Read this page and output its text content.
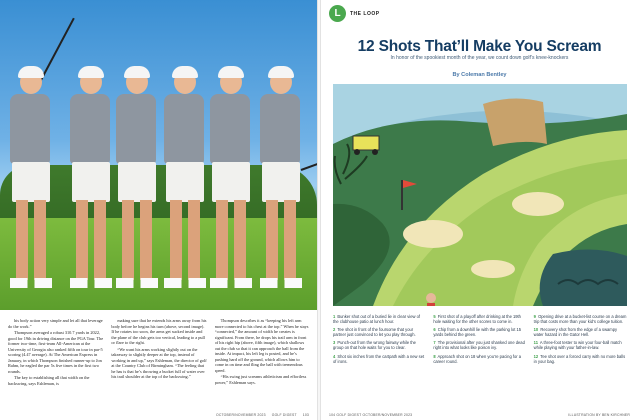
his body action very simple and let all that leverage do the work.”

Thompson averaged a robust 310.7 yards in 2022, good for 19th in driving distance on the PGA Tour. The former two-time, first-team All-American at the University of Georgia also ranked fifth on tour in par-5 scoring (4.47 average). At The American Express in January, in which Thompson finished runner-up to Jon Rahm, he eagled the par 5s five times in the first two rounds.

The key to establishing all that width on the backswing, says Eshleman, is

making sure that he extends his arms away from his body before he begins his turn (above, second image). If he rotates too soon, the arms get sucked inside and the plane of the club gets too vertical, leading to a pull or flare to the right.

“We want his arms working slightly out on the takeaway to slightly deeper at the top, instead of working in and up,” says Eshleman, the director of golf at the Country Club of Birmingham. “The feeling that he has is that he’s throwing a bucket full of water over his trail shoulder at the top of the backswing.”

Thompson describes it as “keeping his left arm more connected to his chest at the top.” When he stays “connected,” the amount of width he creates is significant. From there, he drops his trail arm in front of his right hip (above, fifth image), which shallows out the club so that it can approach the ball from the inside. At impact, his left leg is posted, and he’s pushing hard off the ground, which allows him to come in on time and fling the ball with tremendous speed.

“His swing just screams athleticism and effortless power,” Eshleman says.

OCTOBER/NOVEMBER 2023 GOLF DIGEST 103
L	THE LOOP
12 Shots That’ll Make You Scream
In honor of the spookiest month of the year, we count down golf’s knee-knockers
By Coleman Bentley
1 Bunker shot out of a buried lie in clear view of the clubhouse patio at lunch hour.
5 First shot of a playoff after drinking at the 19th hole waiting for the other scores to come in.
9 Opening drive at a bucket-list course on a dream trip that costs more than your kid’s college tuition.
2 Tee shot in front of the foursome that your partner just convinced to let you play through.
6 Chip from a downhill lie with the parking lot 15 yards behind the green.
10 Recovery shot from the edge of a swampy water hazard in the Gator Hell.
3 Punch-out from the wrong fairway while the group on that hole waits for you to clear.
7 The provisional after you just shanked one dead right into what looks like poison ivy.
11 A three-foot tester to win your four-ball match while playing with your father-in-law.
4 Shot six inches from the cartpath with a new set of irons.
8 Approach shot on 18 when you’re pacing for a career round.
12 Tee shot over a forced carry with no more balls in your bag.
104 GOLF DIGEST OCTOBER/NOVEMBER 2023	ILLUSTRATION BY BEN KIRCHNER
